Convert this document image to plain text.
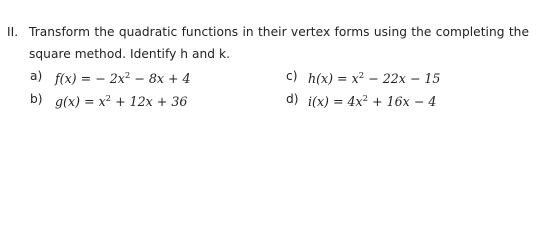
II. Transform the quadratic functions in their vertex forms using the completing the
square method. Identify h and k.
a) f(x) = − $2x^2 - 8x + 4$
b) $g(x) = x^2 + 12x + 36$
c) $h(x) = x^2 - 22x - 15$
d) $i(x) = 4x^2 + 16x - 4$
